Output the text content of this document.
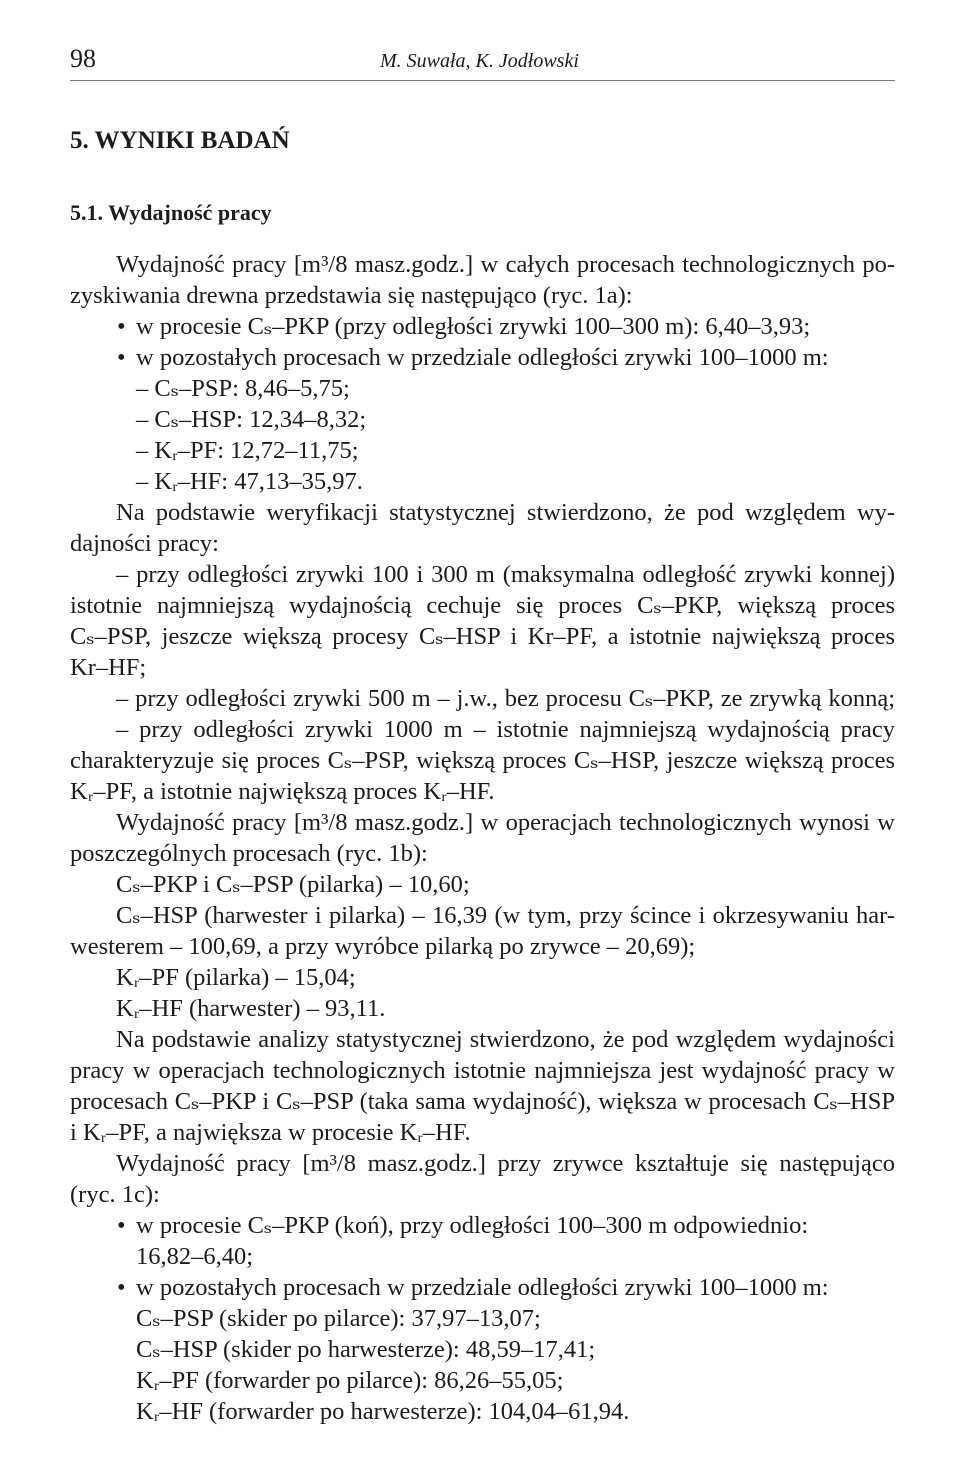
98	M. Suwała, K. Jodłowski
5. WYNIKI BADAŃ
5.1. Wydajność pracy
Wydajność pracy [m³/8 masz.godz.] w całych procesach technologicznych po-
zyskiwania drewna przedstawia się następująco (ryc. 1a):
• w procesie Cₛ–PKP (przy odległości zrywki 100–300 m): 6,40–3,93;
• w pozostałych procesach w przedziale odległości zrywki 100–1000 m:
– Cₛ–PSP: 8,46–5,75;
– Cₛ–HSP: 12,34–8,32;
– Kᵣ–PF: 12,72–11,75;
– Kᵣ–HF: 47,13–35,97.
Na podstawie weryfikacji statystycznej stwierdzono, że pod względem wy-
dajności pracy:
– przy odległości zrywki 100 i 300 m (maksymalna odległość zrywki konnej)
istotnie najmniejszą wydajnością cechuje się proces Cₛ–PKP, większą proces
Cₛ–PSP, jeszcze większą procesy Cₛ–HSP i Kr–PF, a istotnie największą proces
Kr–HF;
– przy odległości zrywki 500 m – j.w., bez procesu Cₛ–PKP, ze zrywką konną;
– przy odległości zrywki 1000 m – istotnie najmniejszą wydajnością pracy
charakteryzuje się proces Cₛ–PSP, większą proces Cₛ–HSP, jeszcze większą proces
Kᵣ–PF, a istotnie największą proces Kᵣ–HF.
Wydajność pracy [m³/8 masz.godz.] w operacjach technologicznych wynosi w
poszczególnych procesach (ryc. 1b):
Cₛ–PKP i Cₛ–PSP (pilarka) – 10,60;
Cₛ–HSP (harwester i pilarka) – 16,39 (w tym, przy ścince i okrzesywaniu har-
westerem – 100,69, a przy wyróbce pilarką po zrywce – 20,69);
Kᵣ–PF (pilarka) – 15,04;
Kᵣ–HF (harwester) – 93,11.
Na podstawie analizy statystycznej stwierdzono, że pod względem wydajności
pracy w operacjach technologicznych istotnie najmniejsza jest wydajność pracy w
procesach Cₛ–PKP i Cₛ–PSP (taka sama wydajność), większa w procesach Cₛ–HSP
i Kᵣ–PF, a największa w procesie Kᵣ–HF.
Wydajność pracy [m³/8 masz.godz.] przy zrywce kształtuje się następująco
(ryc. 1c):
• w procesie Cₛ–PKP (koń), przy odległości 100–300 m odpowiednio:
16,82–6,40;
• w pozostałych procesach w przedziale odległości zrywki 100–1000 m:
Cₛ–PSP (skider po pilarce): 37,97–13,07;
Cₛ–HSP (skider po harwesterze): 48,59–17,41;
Kᵣ–PF (forwarder po pilarce): 86,26–55,05;
Kᵣ–HF (forwarder po harwesterze): 104,04–61,94.
